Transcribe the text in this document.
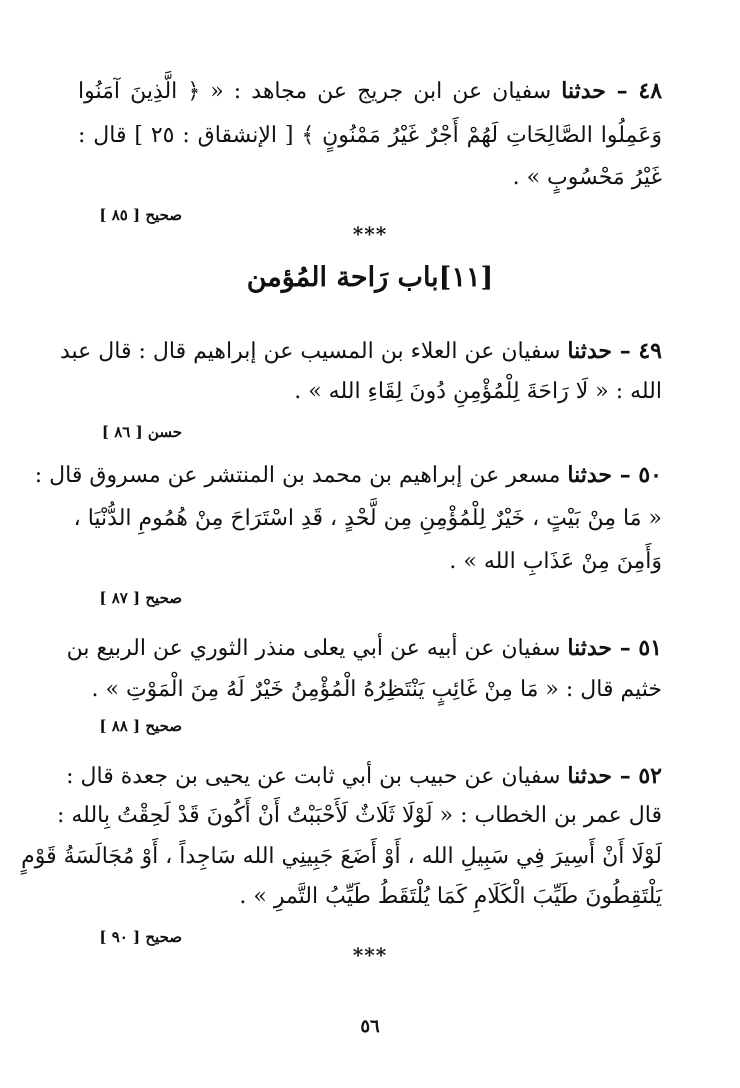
٤٨ – حدثنا سفيان عن ابن جريج عن مجاهد : « ﴿ الَّذِينَ آمَنُوا
وَعَمِلُوا الصَّالِحَاتِ لَهُمْ أَجْرٌ غَيْرُ مَمْنُونٍ ﴾ [ الإنشقاق : ٢٥ ] قال :
غَيْرُ مَحْسُوبٍ » .
صحيح [ ٨٥ ]
***
[١١]باب رَاحة المُؤمن
٤٩ – حدثنا سفيان عن العلاء بن المسيب عن إبراهيم قال : قال عبد
الله : « لَا رَاحَةَ لِلْمُؤْمِنِ دُونَ لِقَاءِ الله » .
حسن [ ٨٦ ]
٥٠ – حدثنا مسعر عن إبراهيم بن محمد بن المنتشر عن مسروق قال :
« مَا مِنْ بَيْتٍ ، خَيْرٌ لِلْمُؤْمِنِ مِن لَّحْدٍ ، قَدِ اسْتَرَاحَ مِنْ هُمُومِ الدُّنْيَا ،
وَأَمِنَ مِنْ عَذَابِ الله » .
صحيح [ ٨٧ ]
٥١ – حدثنا سفيان عن أبيه عن أبي يعلى منذر الثوري عن الربيع بن
خثيم قال : « مَا مِنْ غَائِبٍ يَنْتَظِرُهُ الْمُؤْمِنُ خَيْرٌ لَهُ مِنَ الْمَوْتِ » .
صحيح [ ٨٨ ]
٥٢ – حدثنا سفيان عن حبيب بن أبي ثابت عن يحيى بن جعدة قال :
قال عمر بن الخطاب : « لَوْلَا ثَلَاثٌ لَأَحْبَبْتُ أَنْ أَكُونَ قَدْ لَحِقْتُ بِالله :
لَوْلَا أَنْ أَسِيرَ فِي سَبِيلِ الله ، أَوْ أَضَعَ جَبِينِي الله سَاجِداً ، أَوْ مُجَالَسَةُ قَوْمٍ
يَلْتَقِطُونَ طَيِّبَ الْكَلَامِ كَمَا يُلْتَقَطُ طَيِّبُ التَّمرِ » .
صحيح [ ٩٠ ]
***
٥٦
